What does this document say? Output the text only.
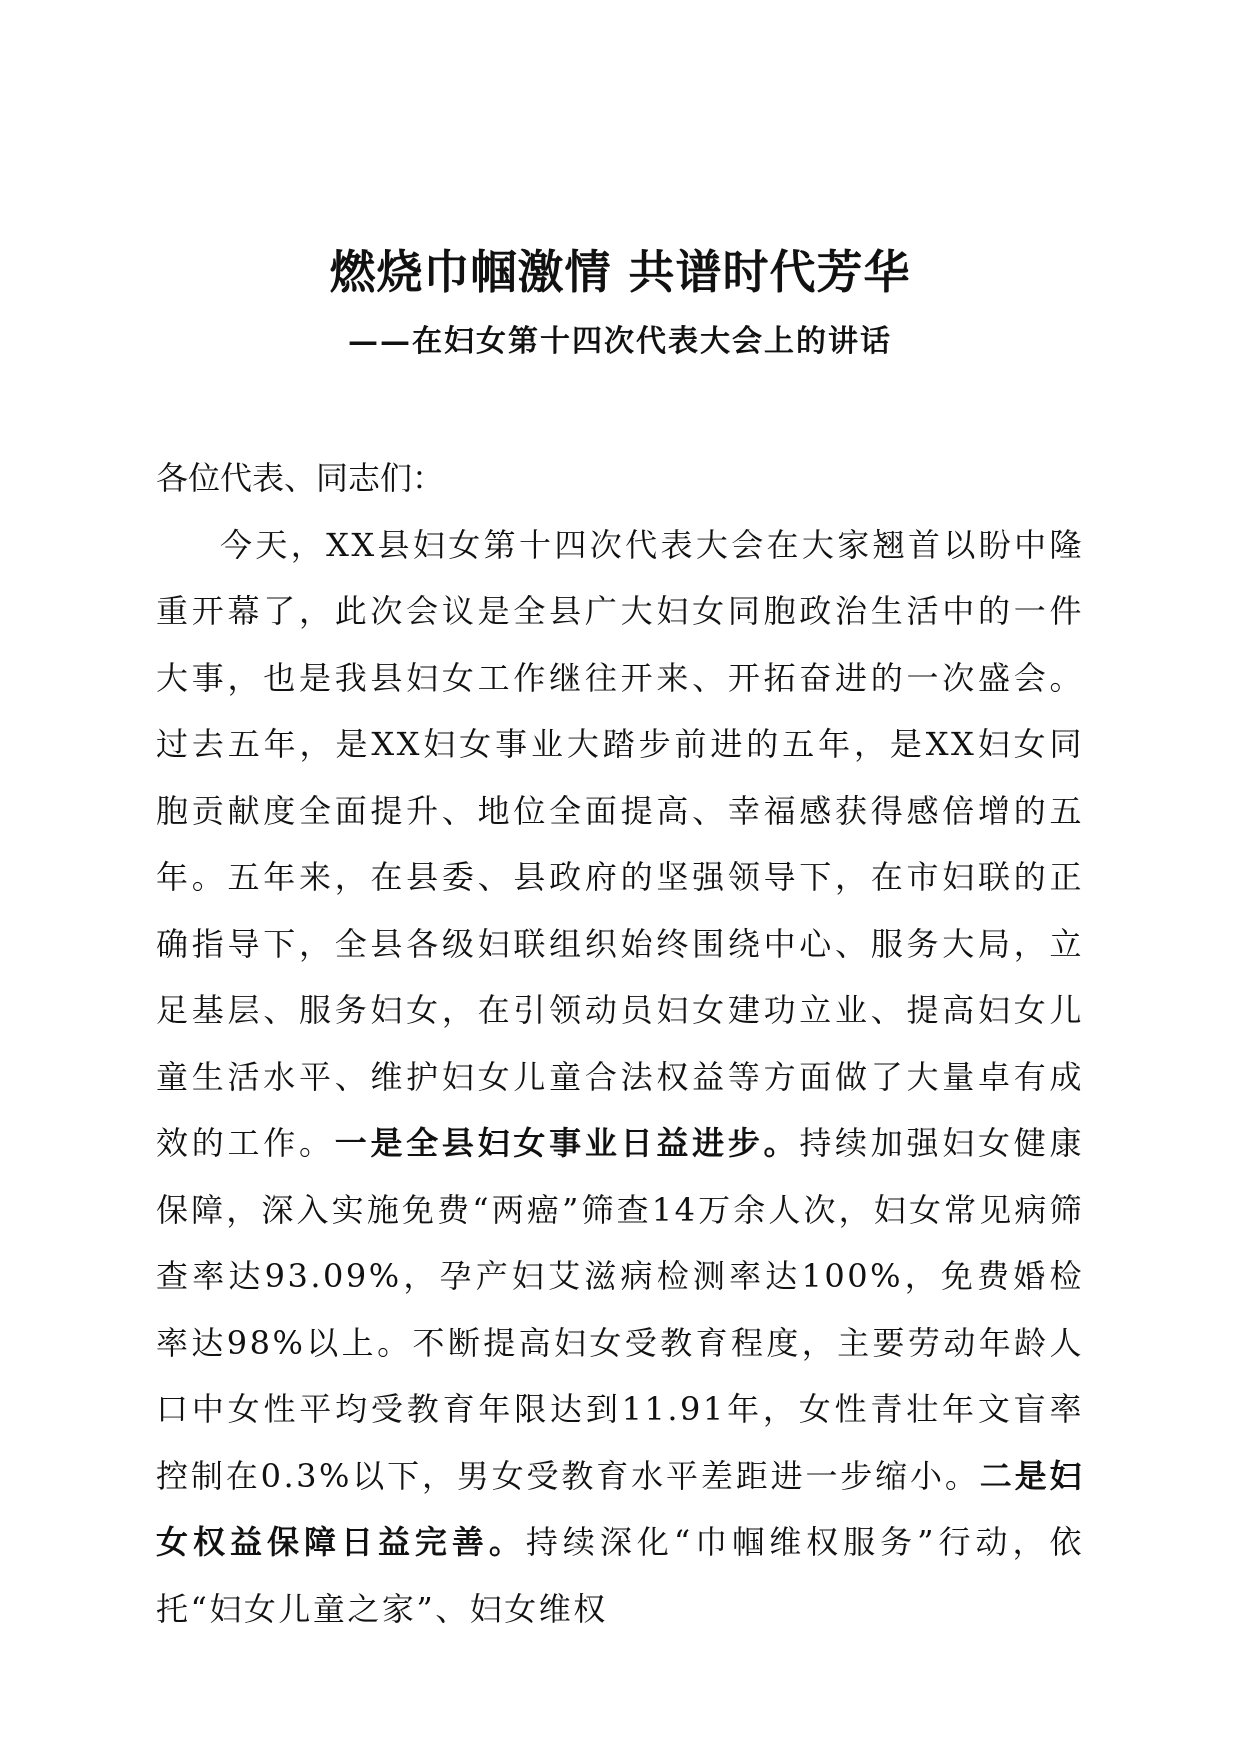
燃烧巾帼激情 共谱时代芳华
——在妇女第十四次代表大会上的讲话

各位代表、同志们：

今天，XX县妇女第十四次代表大会在大家翘首以盼中隆重开幕了，此次会议是全县广大妇女同胞政治生活中的一件大事，也是我县妇女工作继往开来、开拓奋进的一次盛会。过去五年，是XX妇女事业大踏步前进的五年，是XX妇女同胞贡献度全面提升、地位全面提高、幸福感获得感倍增的五年。五年来，在县委、县政府的坚强领导下，在市妇联的正确指导下，全县各级妇联组织始终围绕中心、服务大局，立足基层、服务妇女，在引领动员妇女建功立业、提高妇女儿童生活水平、维护妇女儿童合法权益等方面做了大量卓有成效的工作。一是全县妇女事业日益进步。持续加强妇女健康保障，深入实施免费“两癌”筛查14万余人次，妇女常见病筛查率达93.09%，孕产妇艾滋病检测率达100%，免费婚检率达98%以上。不断提高妇女受教育程度，主要劳动年龄人口中女性平均受教育年限达到11.91年，女性青壮年文盲率控制在0.3%以下，男女受教育水平差距进一步缩小。二是妇女权益保障日益完善。持续深化“巾帼维权服务”行动，依托“妇女儿童之家”、妇女维权
